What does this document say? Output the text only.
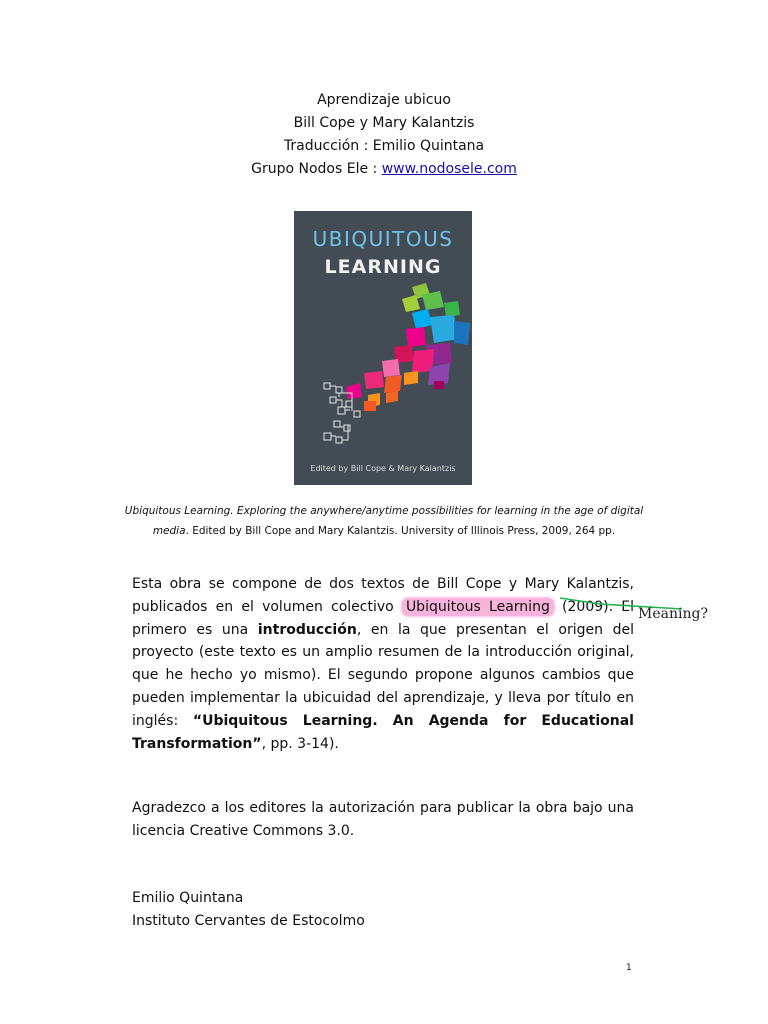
Aprendizaje ubicuo
Bill Cope y Mary Kalantzis
Traducción : Emilio Quintana
Grupo Nodos Ele : www.nodosele.com
UBIQUITOUS
LEARNING
Edited by Bill Cope & Mary Kalantzis
Ubiquitous Learning. Exploring the anywhere/anytime possibilities for learning in the age of digital media. Edited by Bill Cope and Mary Kalantzis. University of Illinois Press, 2009, 264 pp.
Esta obra se compone de dos textos de Bill Cope y Mary Kalantzis, publicados en el volumen colectivo Ubiquitous Learning (2009). El primero es una introducción, en la que presentan el origen del proyecto (este texto es un amplio resumen de la introducción original, que he hecho yo mismo). El segundo propone algunos cambios que pueden implementar la ubicuidad del aprendizaje, y lleva por título en inglés: “Ubiquitous Learning. An Agenda for Educational Transformation”, pp. 3-14).
Agradezco a los editores la autorización para publicar la obra bajo una licencia Creative Commons 3.0.
Emilio Quintana
Instituto Cervantes de Estocolmo
Meaning?
1
